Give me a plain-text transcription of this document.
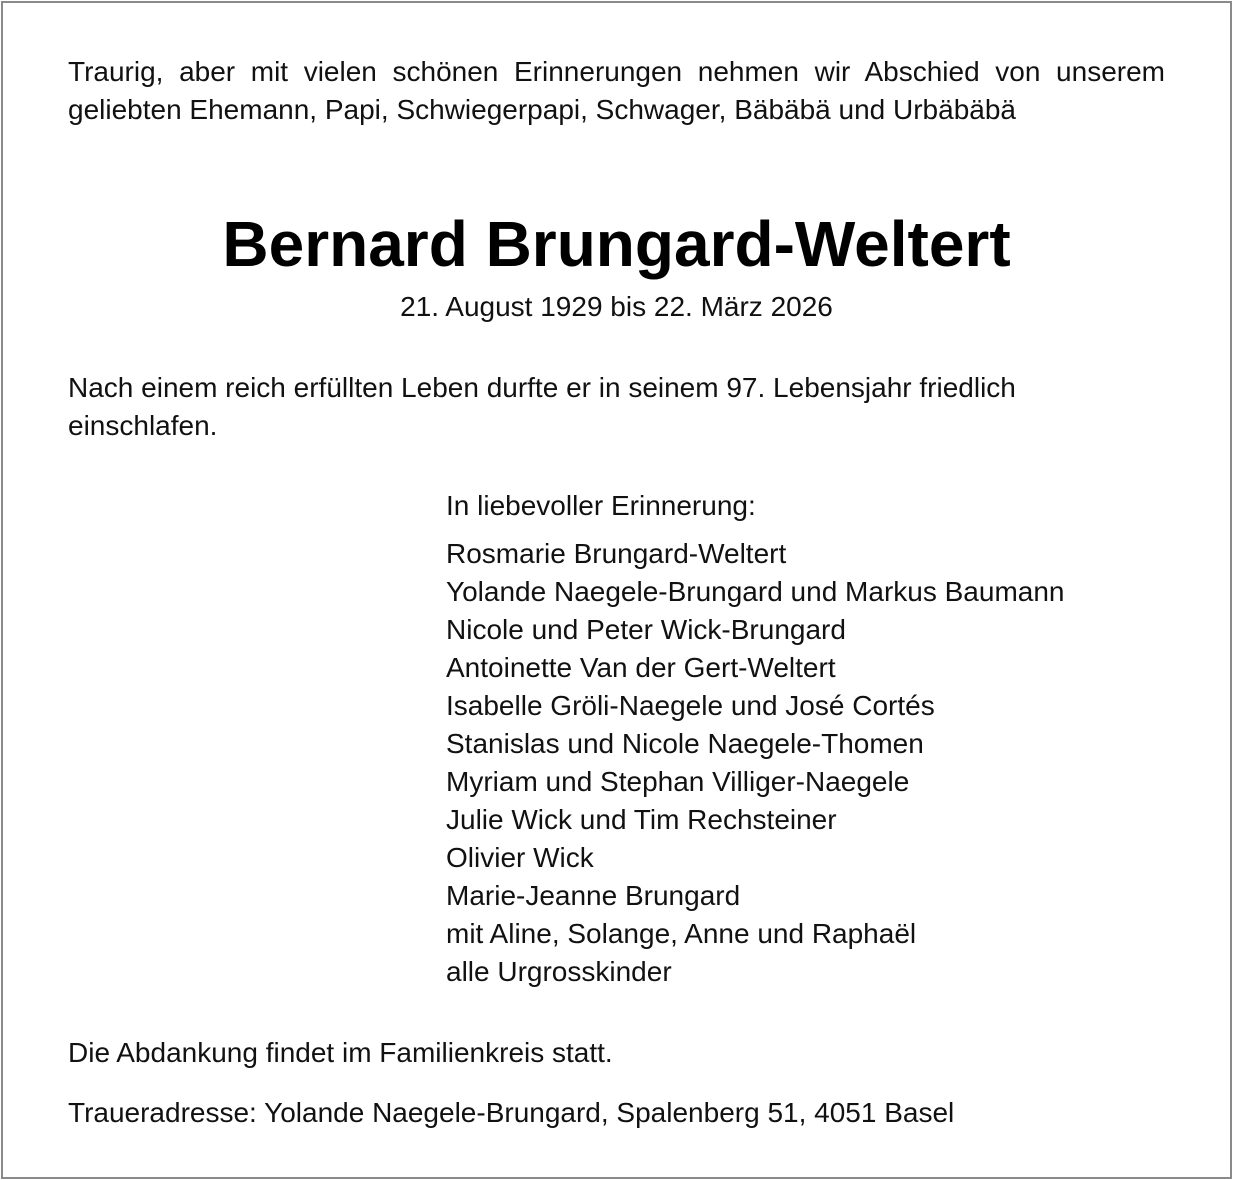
Traurig, aber mit vielen schönen Erinnerungen nehmen wir Abschied von unserem geliebten Ehemann, Papi, Schwiegerpapi, Schwager, Bäbäbä und Urbäbäbä

Bernard Brungard-Weltert

21. August 1929 bis 22. März 2026

Nach einem reich erfüllten Leben durfte er in seinem 97. Lebensjahr friedlich einschlafen.

In liebevoller Erinnerung:

Rosmarie Brungard-Weltert
Yolande Naegele-Brungard und Markus Baumann
Nicole und Peter Wick-Brungard
Antoinette Van der Gert-Weltert
Isabelle Gröli-Naegele und José Cortés
Stanislas und Nicole Naegele-Thomen
Myriam und Stephan Villiger-Naegele
Julie Wick und Tim Rechsteiner
Olivier Wick
Marie-Jeanne Brungard
mit Aline, Solange, Anne und Raphaël
alle Urgrosskinder

Die Abdankung findet im Familienkreis statt.

Traueradresse: Yolande Naegele-Brungard, Spalenberg 51, 4051 Basel
